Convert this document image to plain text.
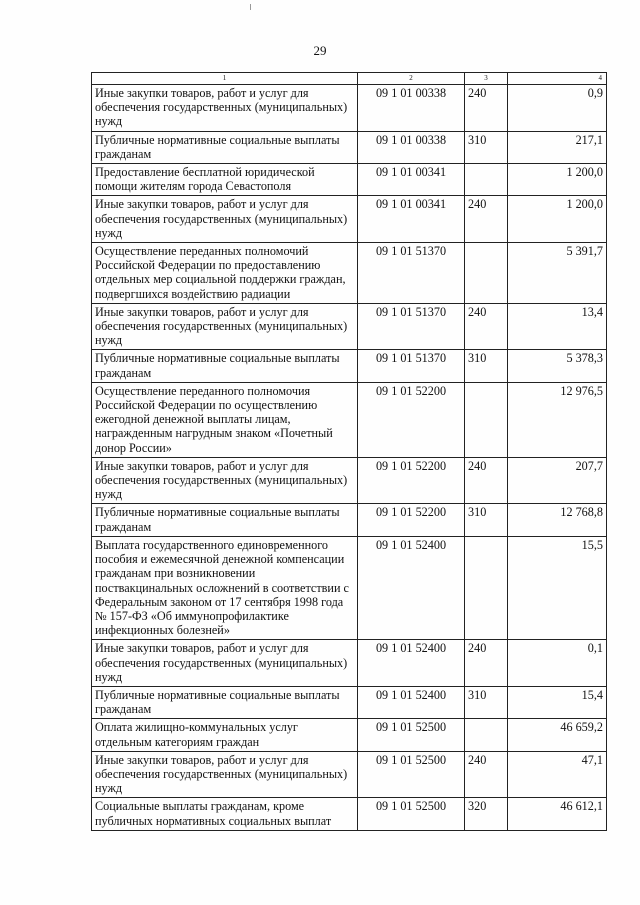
29
1	2	3	4
Иные закупки товаров, работ и услуг для обеспечения государственных (муниципальных) нужд	09 1 01 00338	240	0,9
Публичные нормативные социальные выплаты гражданам	09 1 01 00338	310	217,1
Предоставление бесплатной юридической помощи жителям города Севастополя	09 1 01 00341		1 200,0
Иные закупки товаров, работ и услуг для обеспечения государственных (муниципальных) нужд	09 1 01 00341	240	1 200,0
Осуществление переданных полномочий Российской Федерации по предоставлению отдельных мер социальной поддержки граждан, подвергшихся воздействию радиации	09 1 01 51370		5 391,7
Иные закупки товаров, работ и услуг для обеспечения государственных (муниципальных) нужд	09 1 01 51370	240	13,4
Публичные нормативные социальные выплаты гражданам	09 1 01 51370	310	5 378,3
Осуществление переданного полномочия Российской Федерации по осуществлению ежегодной денежной выплаты лицам, награжденным нагрудным знаком «Почетный донор России»	09 1 01 52200		12 976,5
Иные закупки товаров, работ и услуг для обеспечения государственных (муниципальных) нужд	09 1 01 52200	240	207,7
Публичные нормативные социальные выплаты гражданам	09 1 01 52200	310	12 768,8
Выплата государственного единовременного пособия и ежемесячной денежной компенсации гражданам при возникновении поствакцинальных осложнений в соответствии с Федеральным законом от 17 сентября 1998 года № 157-ФЗ «Об иммунопрофилактике инфекционных болезней»	09 1 01 52400		15,5
Иные закупки товаров, работ и услуг для обеспечения государственных (муниципальных) нужд	09 1 01 52400	240	0,1
Публичные нормативные социальные выплаты гражданам	09 1 01 52400	310	15,4
Оплата жилищно-коммунальных услуг отдельным категориям граждан	09 1 01 52500		46 659,2
Иные закупки товаров, работ и услуг для обеспечения государственных (муниципальных) нужд	09 1 01 52500	240	47,1
Социальные выплаты гражданам, кроме публичных нормативных социальных выплат	09 1 01 52500	320	46 612,1
